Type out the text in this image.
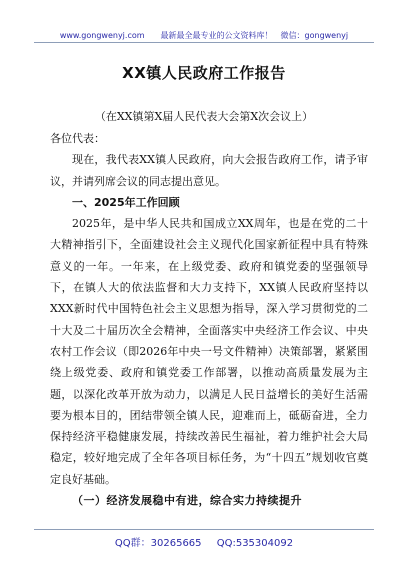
www.gongwenyj.com　　最新最全最专业的公文资料库！　微信：gongwenyj
XX镇人民政府工作报告
（在XX镇第X届人民代表大会第X次会议上）

各位代表：

现在，我代表XX镇人民政府，向大会报告政府工作，请予审议，并请列席会议的同志提出意见。

一、2025年工作回顾

2025年，是中华人民共和国成立XX周年，也是在党的二十大精神指引下，全面建设社会主义现代化国家新征程中具有特殊意义的一年。一年来，在上级党委、政府和镇党委的坚强领导下，在镇人大的依法监督和大力支持下，XX镇人民政府坚持以XXX新时代中国特色社会主义思想为指导，深入学习贯彻党的二十大及二十届历次全会精神，全面落实中央经济工作会议、中央农村工作会议（即2026年中央一号文件精神）决策部署，紧紧围绕上级党委、政府和镇党委工作部署，以推动高质量发展为主题，以深化改革开放为动力，以满足人民日益增长的美好生活需要为根本目的，团结带领全镇人民，迎难而上，砥砺奋进，全力保持经济平稳健康发展，持续改善民生福祉，着力维护社会大局稳定，较好地完成了全年各项目标任务，为“十四五”规划收官奠定良好基础。

（一）经济发展稳中有进，综合实力持续提升

QQ群：30265665 QQ:535304092
